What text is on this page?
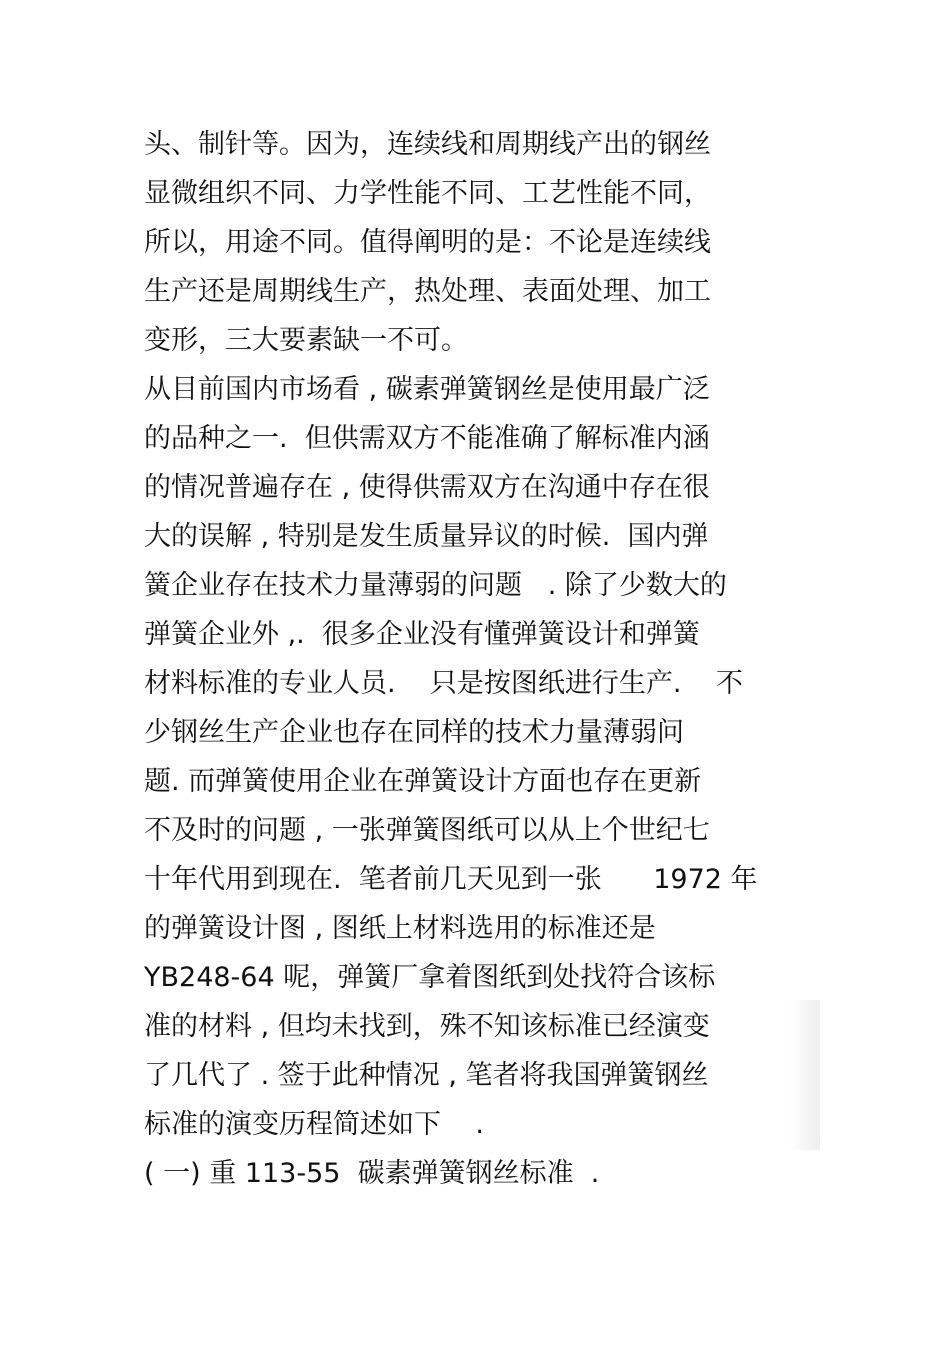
头、制针等。因为，连续线和周期线产出的钢丝
显微组织不同、力学性能不同、工艺性能不同，
所以，用途不同。值得阐明的是：不论是连续线
生产还是周期线生产，热处理、表面处理、加工
变形，三大要素缺一不可。
从目前国内市场看 , 碳素弹簧钢丝是使用最广泛
的品种之一.  但供需双方不能准确了解标准内涵
的情况普遍存在 , 使得供需双方在沟通中存在很
大的误解 , 特别是发生质量异议的时候.  国内弹
簧企业存在技术力量薄弱的问题   . 除了少数大的
弹簧企业外 ,.  很多企业没有懂弹簧设计和弹簧
材料标准的专业人员.    只是按图纸进行生产.    不
少钢丝生产企业也存在同样的技术力量薄弱问
题. 而弹簧使用企业在弹簧设计方面也存在更新
不及时的问题 , 一张弹簧图纸可以从上个世纪七
十年代用到现在.  笔者前几天见到一张      1972 年
的弹簧设计图 , 图纸上材料选用的标准还是
YB248-64 呢，弹簧厂拿着图纸到处找符合该标
准的材料 , 但均未找到，殊不知该标准已经演变
了几代了 . 签于此种情况 , 笔者将我国弹簧钢丝
标准的演变历程简述如下    .
( 一) 重 113-55  碳素弹簧钢丝标准  .
